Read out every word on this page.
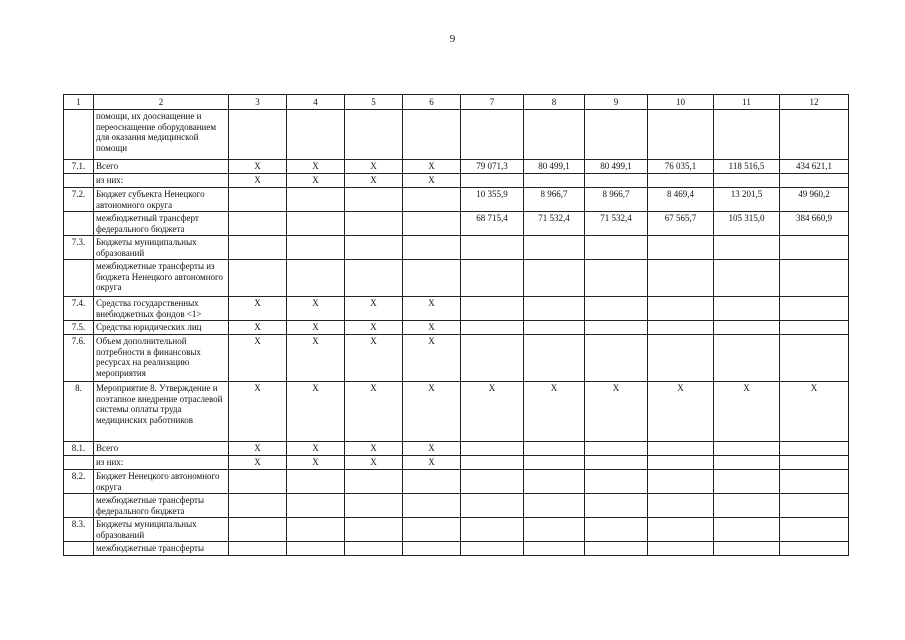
9
1	2	3	4	5	6	7	8	9	10	11	12
	помощи, их дооснащение и переоснащение оборудованием для оказания медицинской помощи										
7.1.	Всего	X	X	X	X	79 071,3	80 499,1	80 499,1	76 035,1	118 516,5	434 621,1
	из них:	X	X	X	X						
7.2.	Бюджет субъекта Ненецкого автономного округа					10 355,9	8 966,7	8 966,7	8 469,4	13 201,5	49 960,2
	межбюджетный трансферт федерального бюджета					68 715,4	71 532,4	71 532,4	67 565,7	105 315,0	384 660,9
7.3.	Бюджеты муниципальных образований										
	межбюджетные трансферты из бюджета Ненецкого автономного округа										
7.4.	Средства государственных внебюджетных фондов <1>	X	X	X	X						
7.5.	Средства юридических лиц	X	X	X	X						
7.6.	Объем дополнительной потребности в финансовых ресурсах на реализацию мероприятия	X	X	X	X						
8.	Мероприятие 8. Утверждение и поэтапное внедрение отраслевой системы оплаты труда медицинских работников	X	X	X	X	X	X	X	X	X	X
8.1.	Всего	X	X	X	X						
	из них:	X	X	X	X						
8.2.	Бюджет Ненецкого автономного округа										
	межбюджетные трансферты федерального бюджета										
8.3.	Бюджеты муниципальных образований										
	межбюджетные трансферты										
